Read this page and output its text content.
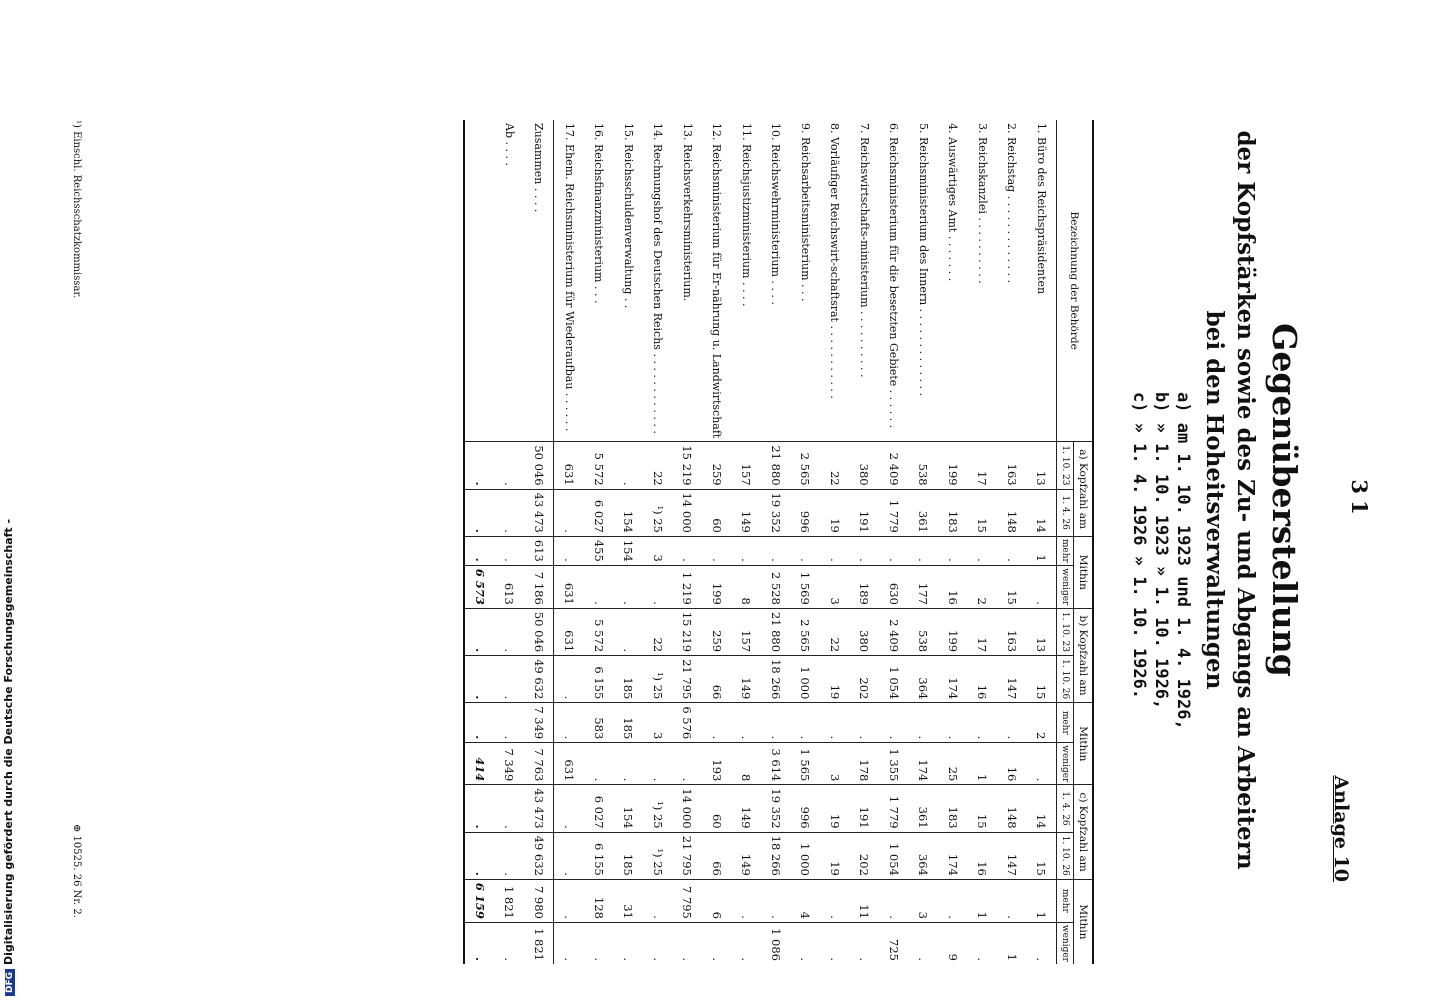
31
Anlage 10
Gegenüberstellung
der Kopfstärken sowie des Zu- und Abgangs an Arbeitern
bei den Hoheitsverwaltungen
a) am 1. 10. 1923 und 1. 4. 1926,
b) » 1. 10. 1923 » 1. 10. 1926,
c) » 1. 4. 1926 » 1. 10. 1926.
Bezeichnung der Behörde	a) Kopfzahl am		Mithin		b) Kopfzahl am		Mithin		c) Kopfzahl am		Mithin	
	1. 10. 23	1. 4. 26	mehr	weniger	1. 10. 23	1. 10. 26	mehr	weniger	1. 4. 26	1. 10. 26	mehr	weniger
1. Büro des Reichspräsidenten	13	14	1	.	13	15	2	.	14	15	1	.
2. Reichstag . . . . . . . . . . . . .	163	148	.	15	163	147	.	16	148	147	.	1
3. Reichskanzlei . . . . . . . . . .	17	15	.	2	17	16	.	1	15	16	1	.
4. Auswärtiges Amt . . . . . . .	199	183	.	16	199	174	.	25	183	174	.	9
5. Reichsministerium des Innern . . . . . . . . . . . . .	538	361	.	177	538	364	.	174	361	364	3	.
6. Reichsministerium für die besetzten Gebiete . . . . . .	2 409	1 779	.	630	2 409	1 054	.	1 355	1 779	1 054	.	725
7. Reichswirtschafts-ministerium . . . . . . . . . .	380	191	.	189	380	202	.	178	191	202	11	.
8. Vorläufiger Reichswirt-schaftsrat . . . . . . . . . . .	22	19	.	3	22	19	.	3	19	19	.	.
9. Reichsarbeitsministerium . . .	2 565	996	.	1 569	2 565	1 000	.	1 565	996	1 000	4	.
10. Reichswehrministerium . . . .	21 880	19 352	.	2 528	21 880	18 266	.	3 614	19 352	18 266	.	1 086
11. Reichsjustizministerium . . . .	157	149	.	8	157	149	.	8	149	149	.	.
12. Reichsministerium für Er-nährung u. Landwirtschaft	259	60	.	199	259	66	.	193	60	66	6	.
13. Reichsverkehrsministerium.	15 219	14 000	.	1 219	15 219	21 795	6 576	.	14 000	21 795	7 795	.
14. Rechnungshof des Deutschen Reichs . . . . . . . . . . . .	22	¹) 25	3	.	22	¹) 25	3	.	¹) 25	¹) 25	.	.
15. Reichsschuldenverwaltung . .	.	154	154	.	.	185	185	.	154	185	31	.
16. Reichsfinanzministerium . . .	5 572	6 027	455	.	5 572	6 155	583	.	6 027	6 155	128	.
17. Ehem. Reichsministerium für Wiederaufbau . . . . . .	631	.	.	631	631	.	.	631	.	.	.	.
Zusammen . . . .	50 046	43 473	613	7 186	50 046	49 632	7 349	7 763	43 473	49 632	7 980	1 821
Ab . . . .	.	.	.	613	.	.	.	7 349	.	.	1 821	.
	.	.	.	6 573	.	.	.	414	.	.	6 159	.
¹) Einschl. Reichsschatzkommissar.
⊕ 10525. 26 Nr. 2.
DFGDigitalisierung gefördert durch die Deutsche Forschungsgemeinschaft -
